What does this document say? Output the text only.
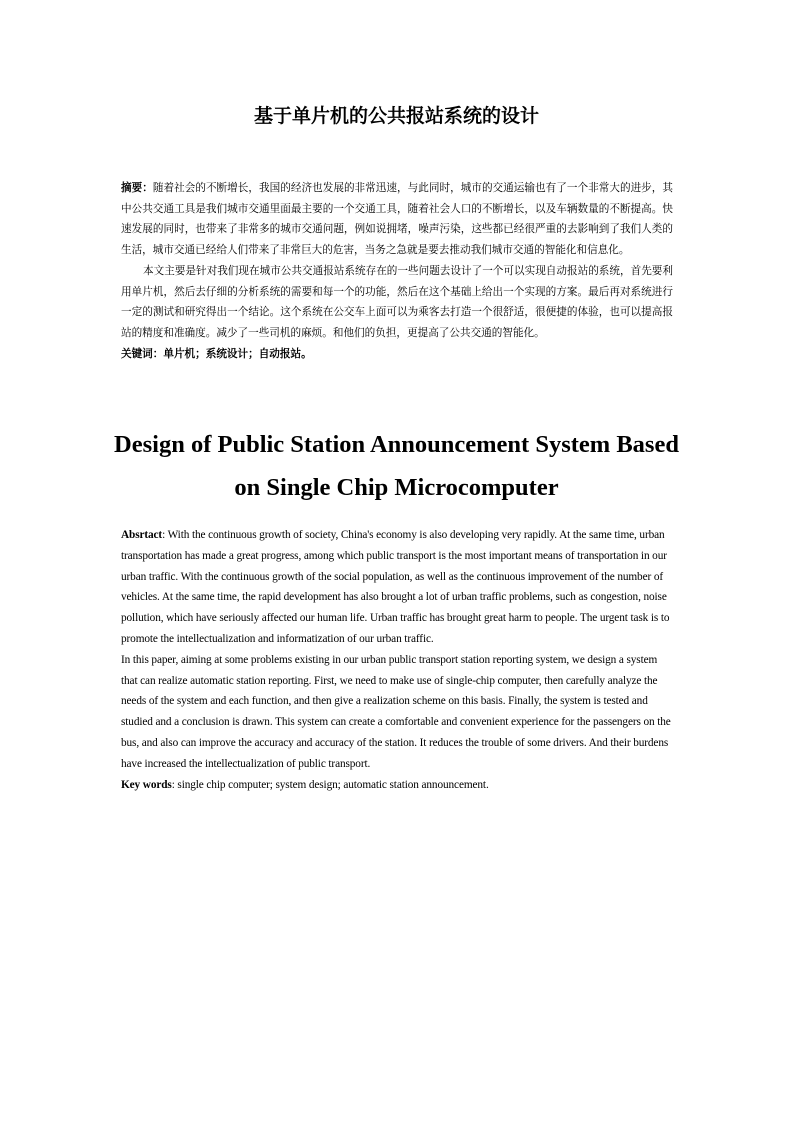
基于单片机的公共报站系统的设计

摘要：随着社会的不断增长，我国的经济也发展的非常迅速，与此同时，城市的交通运输也有了一个非常大的进步，其中公共交通工具是我们城市交通里面最主要的一个交通工具，随着社会人口的不断增长，以及车辆数量的不断提高。快速发展的同时，也带来了非常多的城市交通问题，例如说拥堵，噪声污染，这些都已经很严重的去影响到了我们人类的生活，城市交通已经给人们带来了非常巨大的危害，当务之急就是要去推动我们城市交通的智能化和信息化。

本文主要是针对我们现在城市公共交通报站系统存在的一些问题去设计了一个可以实现自动报站的系统，首先要利用单片机，然后去仔细的分析系统的需要和每一个的功能，然后在这个基础上给出一个实现的方案。最后再对系统进行一定的测试和研究得出一个结论。这个系统在公交车上面可以为乘客去打造一个很舒适，很便捷的体验，也可以提高报站的精度和准确度。减少了一些司机的麻烦。和他们的负担，更提高了公共交通的智能化。

关键词：单片机；系统设计；自动报站。

Design of Public Station Announcement System Based
on Single Chip Microcomputer

Absrtact: With the continuous growth of society, China's economy is also developing very rapidly. At the same time, urban transportation has made a great progress, among which public transport is the most important means of transportation in our urban traffic. With the continuous growth of the social population, as well as the continuous improvement of the number of vehicles. At the same time, the rapid development has also brought a lot of urban traffic problems, such as congestion, noise pollution, which have seriously affected our human life. Urban traffic has brought great harm to people. The urgent task is to promote the intellectualization and informatization of our urban traffic.

In this paper, aiming at some problems existing in our urban public transport station reporting system, we design a system that can realize automatic station reporting. First, we need to make use of single-chip computer, then carefully analyze the needs of the system and each function, and then give a realization scheme on this basis. Finally, the system is tested and studied and a conclusion is drawn. This system can create a comfortable and convenient experience for the passengers on the bus, and also can improve the accuracy and accuracy of the station. It reduces the trouble of some drivers. And their burdens have increased the intellectualization of public transport.

Key words: single chip computer; system design; automatic station announcement.
